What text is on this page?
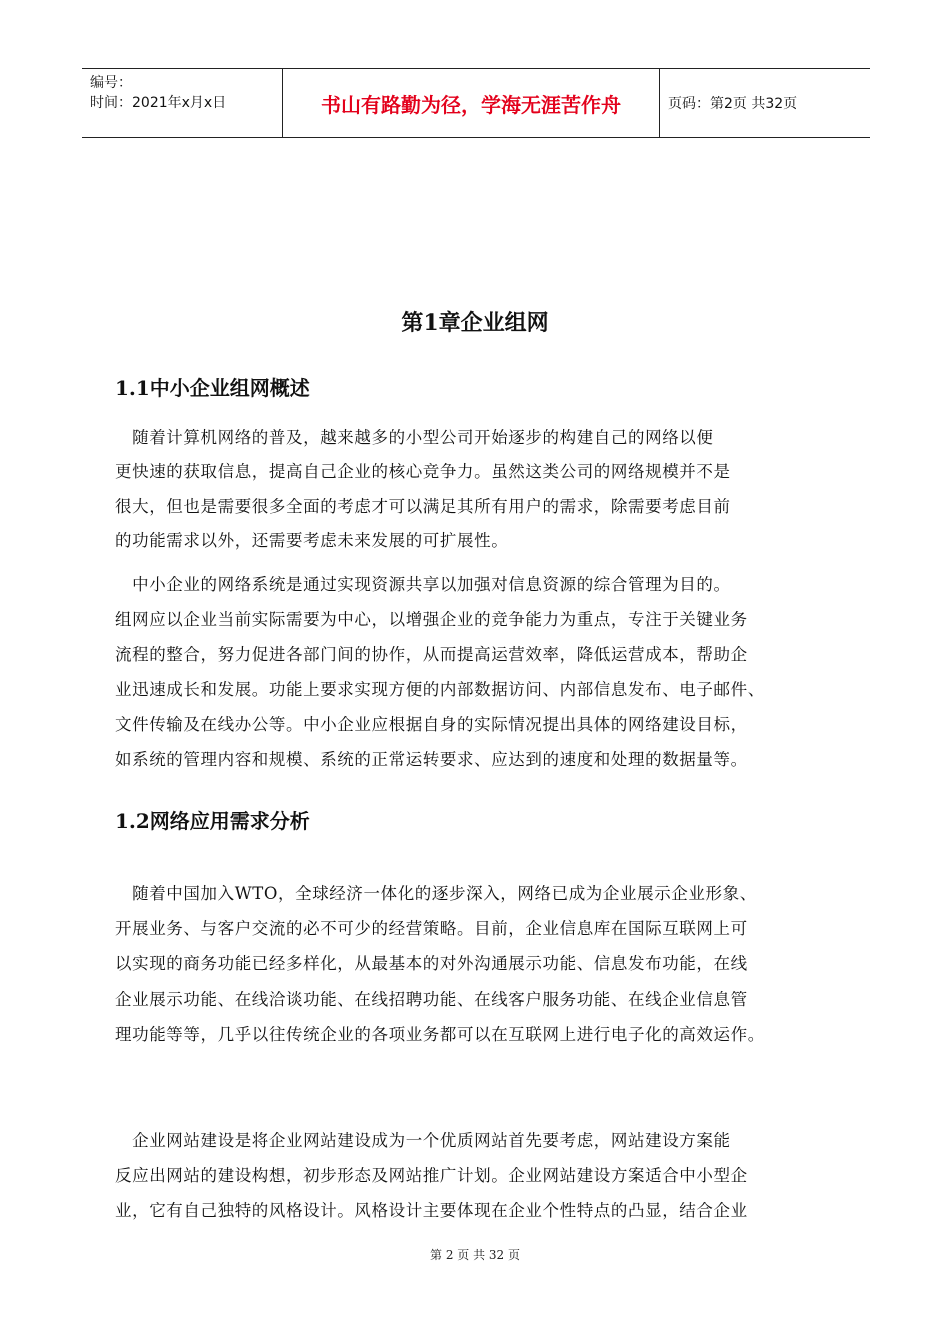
编号：
时间：2021年x月x日	书山有路勤为径，学海无涯苦作舟	页码：第2页 共32页
第1章企业组网
1.1中小企业组网概述
　随着计算机网络的普及，越来越多的小型公司开始逐步的构建自己的网络以便
更快速的获取信息，提高自己企业的核心竞争力。虽然这类公司的网络规模并不是
很大，但也是需要很多全面的考虑才可以满足其所有用户的需求，除需要考虑目前
的功能需求以外，还需要考虑未来发展的可扩展性。
　中小企业的网络系统是通过实现资源共享以加强对信息资源的综合管理为目的。
组网应以企业当前实际需要为中心，以增强企业的竞争能力为重点，专注于关键业务
流程的整合，努力促进各部门间的协作，从而提高运营效率，降低运营成本，帮助企
业迅速成长和发展。功能上要求实现方便的内部数据访问、内部信息发布、电子邮件、
文件传输及在线办公等。中小企业应根据自身的实际情况提出具体的网络建设目标，
如系统的管理内容和规模、系统的正常运转要求、应达到的速度和处理的数据量等。
1.2网络应用需求分析
　随着中国加入WTO，全球经济一体化的逐步深入，网络已成为企业展示企业形象、
开展业务、与客户交流的必不可少的经营策略。目前，企业信息库在国际互联网上可
以实现的商务功能已经多样化，从最基本的对外沟通展示功能、信息发布功能，在线
企业展示功能、在线洽谈功能、在线招聘功能、在线客户服务功能、在线企业信息管
理功能等等，几乎以往传统企业的各项业务都可以在互联网上进行电子化的高效运作。
　企业网站建设是将企业网站建设成为一个优质网站首先要考虑，网站建设方案能
反应出网站的建设构想，初步形态及网站推广计划。企业网站建设方案适合中小型企
业，它有自己独特的风格设计。风格设计主要体现在企业个性特点的凸显，结合企业
第 2 页 共 32 页
